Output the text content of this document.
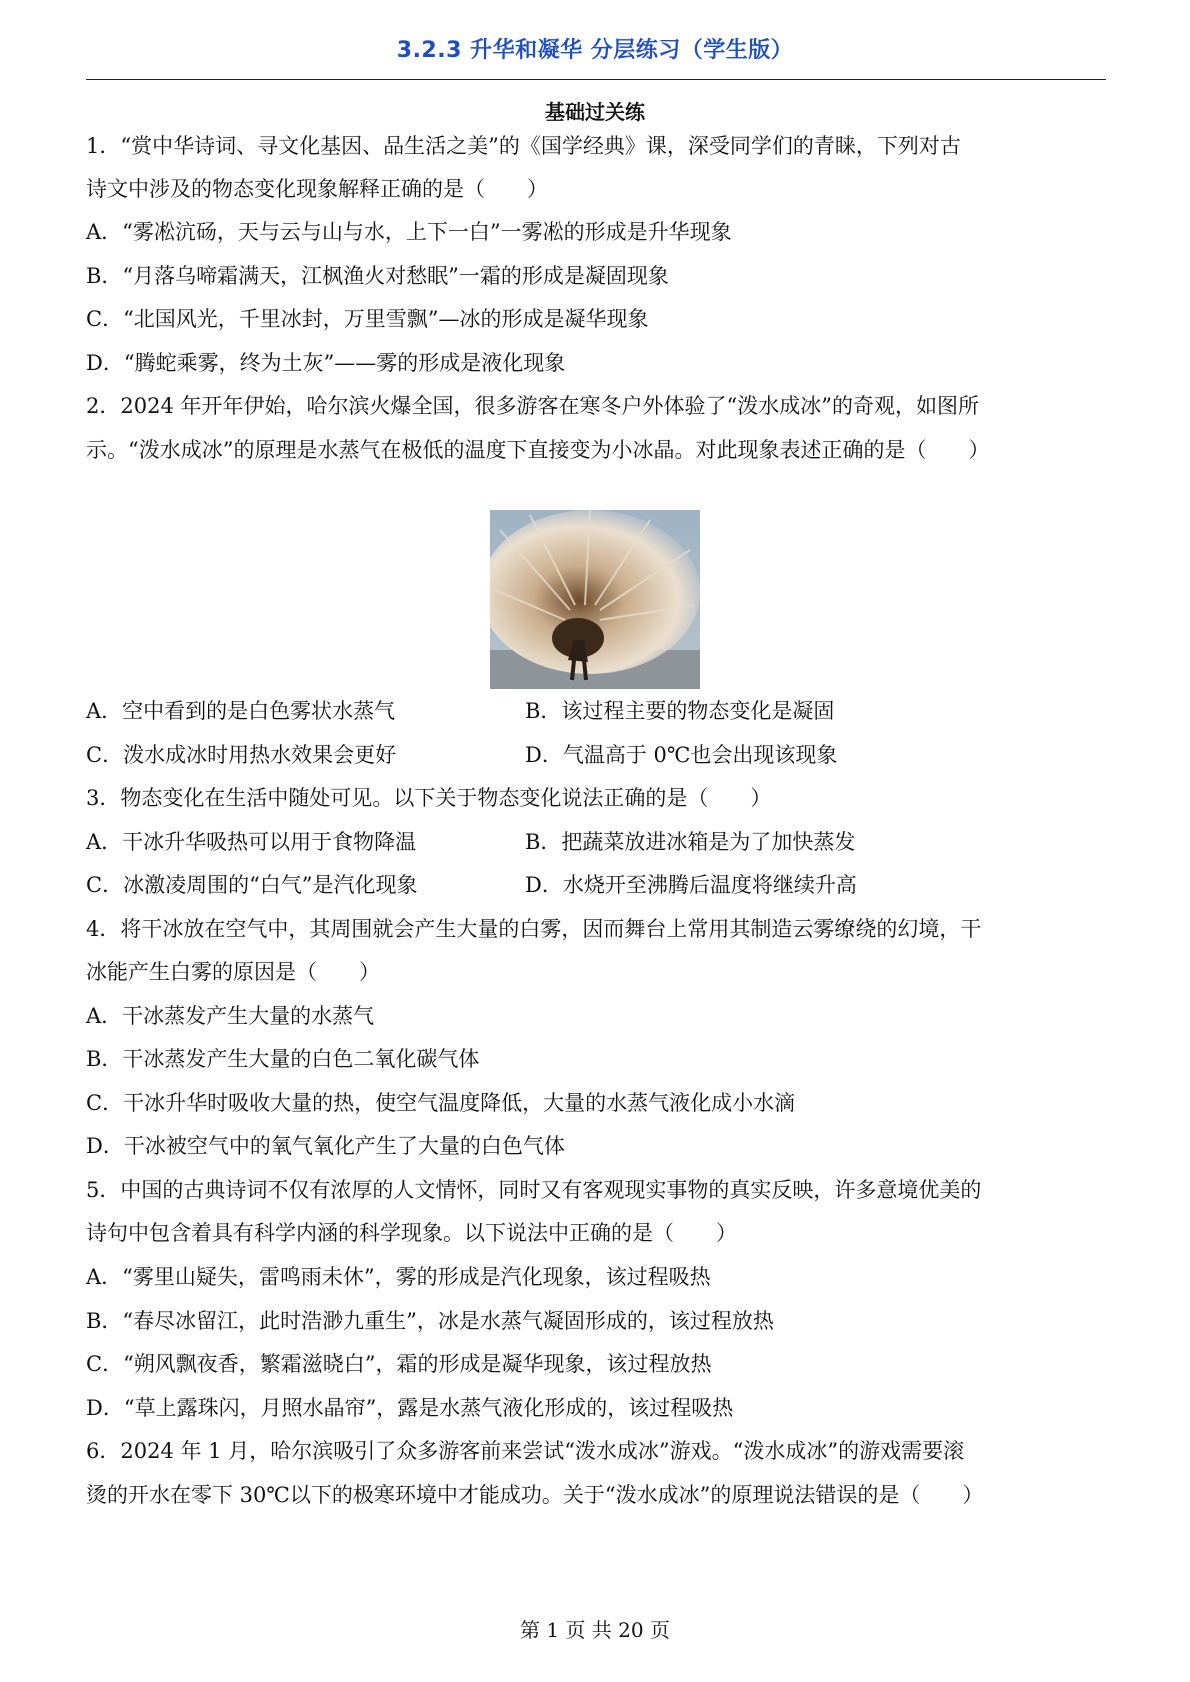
3.2.3 升华和凝华 分层练习（学生版）
基础过关练
1．“赏中华诗词、寻文化基因、品生活之美”的《国学经典》课，深受同学们的青睐，下列对古
诗文中涉及的物态变化现象解释正确的是（　　）
A．“雾凇沆砀，天与云与山与水，上下一白”一雾凇的形成是升华现象
B．“月落乌啼霜满天，江枫渔火对愁眠”一霜的形成是凝固现象
C．“北国风光，千里冰封，万里雪飘”—冰的形成是凝华现象
D．“腾蛇乘雾，终为土灰”——雾的形成是液化现象
2．2024 年开年伊始，哈尔滨火爆全国，很多游客在寒冬户外体验了“泼水成冰”的奇观，如图所
示。“泼水成冰”的原理是水蒸气在极低的温度下直接变为小冰晶。对此现象表述正确的是（　　）
A．空中看到的是白色雾状水蒸气	B．该过程主要的物态变化是凝固
C．泼水成冰时用热水效果会更好	D．气温高于 0℃也会出现该现象
3．物态变化在生活中随处可见。以下关于物态变化说法正确的是（　　）
A．干冰升华吸热可以用于食物降温	B．把蔬菜放进冰箱是为了加快蒸发
C．冰激凌周围的“白气”是汽化现象	D．水烧开至沸腾后温度将继续升高
4．将干冰放在空气中，其周围就会产生大量的白雾，因而舞台上常用其制造云雾缭绕的幻境，干
冰能产生白雾的原因是（　　）
A．干冰蒸发产生大量的水蒸气
B．干冰蒸发产生大量的白色二氧化碳气体
C．干冰升华时吸收大量的热，使空气温度降低，大量的水蒸气液化成小水滴
D．干冰被空气中的氧气氧化产生了大量的白色气体
5．中国的古典诗词不仅有浓厚的人文情怀，同时又有客观现实事物的真实反映，许多意境优美的
诗句中包含着具有科学内涵的科学现象。以下说法中正确的是（　　）
A．“雾里山疑失，雷鸣雨未休”，雾的形成是汽化现象，该过程吸热
B．“春尽冰留江，此时浩渺九重生”，冰是水蒸气凝固形成的，该过程放热
C．“朔风飘夜香，繁霜滋晓白”，霜的形成是凝华现象，该过程放热
D．“草上露珠闪，月照水晶帘”，露是水蒸气液化形成的，该过程吸热
6．2024 年 1 月，哈尔滨吸引了众多游客前来尝试“泼水成冰”游戏。“泼水成冰”的游戏需要滚
烫的开水在零下 30℃以下的极寒环境中才能成功。关于“泼水成冰”的原理说法错误的是（　　）
第 1 页 共 20 页
